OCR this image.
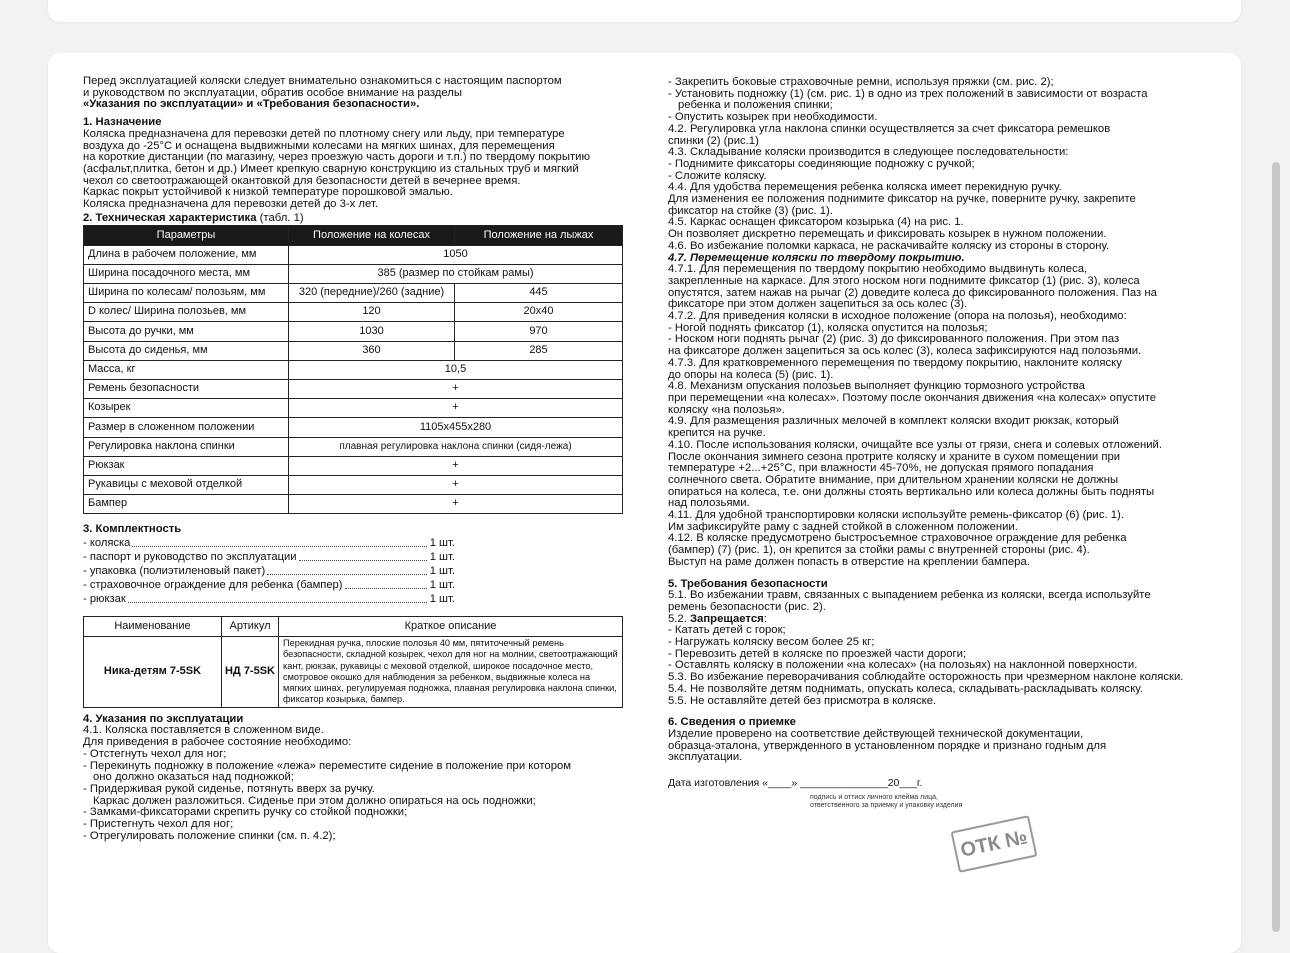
Перед эксплуатацией коляски следует внимательно ознакомиться с настоящим паспортом

и руководством по эксплуатации, обратив особое внимание на разделы

«Указания по эксплуатации» и «Требования безопасности».

1. Назначение

Коляска предназначена для перевозки детей по плотному снегу или льду, при температуре

воздуха до -25°С и оснащена выдвижными колесами на мягких шинах, для перемещения

на короткие дистанции (по магазину, через проезжую часть дороги и т.п.) по твердому покрытию

(асфальт,плитка, бетон и др.) Имеет крепкую сварную конструкцию из стальных труб и мягкий

чехол со светоотражающей окантовкой для безопасности детей в вечернее время.

Каркас покрыт устойчивой к низкой температуре порошковой эмалью.

Коляска предназначена для перевозки детей до 3-х лет.

2. Техническая характеристика (табл. 1)

Параметры	Положение на колесах	Положение на лыжах
Длина в рабочем положение, мм	1050	
Ширина посадочного места, мм	385 (размер по стойкам рамы)	
Ширина по колесам/ полозьям, мм	320 (передние)/260 (задние)	445
D колес/ Ширина полозьев, мм	120	20х40
Высота до ручки, мм	1030	970
Высота до сиденья, мм	360	285
Масса, кг	10,5	
Ремень безопасности	+	
Козырек	+	
Размер в сложенном положении	1105х455х280	
Регулировка наклона спинки	плавная регулировка наклона спинки (сидя-лежа)	
Рюкзак	+	
Рукавицы с меховой отделкой	+	
Бампер	+	

3. Комплектность

- коляска	1 шт.
- паспорт и руководство по эксплуатации	1 шт.
- упаковка (полиэтиленовый пакет)	1 шт.
- страховочное ограждение для ребенка (бампер)	1 шт.
- рюкзак	1 шт.
Наименование	Артикул	Краткое описание
Ника-детям 7-5SK	НД 7-5SK	Перекидная ручка, плоские полозья 40 мм, пятиточечный ремень безопасности, складной козырек, чехол для ног на молнии, светоотражающий кант, рюкзак, рукавицы с меховой отделкой, широкое посадочное место, смотровое окошко для наблюдения за ребенком, выдвижные колеса на мягких шинах, регулируемая подножка, плавная регулировка наклона спинки, фиксатор козырька, бампер.

4. Указания по эксплуатации

4.1. Коляска поставляется в сложенном виде.

Для приведения в рабочее состояние необходимо:

- Отстегнуть чехол для ног;

- Перекинуть подножку в положение «лежа» переместите сидение в положение при котором

оно должно оказаться над подножкой;

- Придерживая рукой сиденье, потянуть вверх за ручку.

Каркас должен разложиться. Сиденье при этом должно опираться на ось подножки;

- Замками-фиксаторами скрепить ручку со стойкой подножки;

- Пристегнуть чехол для ног;

- Отрегулировать положение спинки (см. п. 4.2);

- Закрепить боковые страховочные ремни, используя пряжки (см. рис. 2);

- Установить подножку (1) (см. рис. 1) в одно из трех положений в зависимости от возраста

ребенка и положения спинки;

- Опустить козырек при необходимости.

4.2. Регулировка угла наклона спинки осуществляется за счет фиксатора ремешков

спинки (2) (рис.1)

4.3. Складывание коляски производится в следующее последовательности:

- Поднимите фиксаторы соединяющие подножку с ручкой;

- Сложите коляску.

4.4. Для удобства перемещения ребенка коляска имеет перекидную ручку.

Для изменения ее положения поднимите фиксатор на ручке, поверните ручку, закрепите

фиксатор на стойке (3) (рис. 1).

4.5. Каркас оснащен фиксатором козырька (4) на рис. 1.

Он позволяет дискретно перемещать и фиксировать козырек в нужном положении.

4.6. Во избежание поломки каркаса, не раскачивайте коляску из стороны в сторону.

4.7. Перемещение коляски по твердому покрытию.

4.7.1. Для перемещения по твердому покрытию необходимо выдвинуть колеса,

закрепленные на каркасе. Для этого носком ноги поднимите фиксатор (1) (рис. 3), колеса

опустятся, затем нажав на рычаг (2) доведите колеса до фиксированного положения. Паз на

фиксаторе при этом должен зацепиться за ось колес (3).

4.7.2. Для приведения коляски в исходное положение (опора на полозья), необходимо:

- Ногой поднять фиксатор (1), коляска опустится на полозья;

- Носком ноги поднять рычаг (2) (рис. 3) до фиксированного положения. При этом паз

на фиксаторе должен зацепиться за ось колес (3), колеса зафиксируются над полозьями.

4.7.3. Для кратковременного перемещения по твердому покрытию, наклоните коляску

до опоры на колеса (5) (рис. 1).

4.8. Механизм опускания полозьев выполняет функцию тормозного устройства

при перемещении «на колесах». Поэтому после окончания движения «на колесах» опустите

коляску «на полозья».

4.9. Для размещения различных мелочей в комплект коляски входит рюкзак, который

крепится на ручке.

4.10. После использования коляски, очищайте все узлы от грязи, снега и солевых отложений.

После окончания зимнего сезона протрите коляску и храните в сухом помещении при

температуре +2...+25°С, при влажности 45-70%, не допуская прямого попадания

солнечного света. Обратите внимание, при длительном хранении коляски не должны

опираться на колеса, т.е. они должны стоять вертикально или колеса должны быть подняты

над полозьями.

4.11. Для удобной транспортировки коляски используйте ремень-фиксатор (6) (рис. 1).

Им зафиксируйте раму с задней стойкой в сложенном положении.

4.12. В коляске предусмотрено быстросъемное страховочное ограждение для ребенка

(бампер) (7) (рис. 1), он крепится за стойки рамы с внутренней стороны (рис. 4).

Выступ на раме должен попасть в отверстие на креплении бампера.

5. Требования безопасности

5.1. Во избежании травм, связанных с выпадением ребенка из коляски, всегда используйте

ремень безопасности (рис. 2).

5.2. Запрещается:

- Катать детей с горок;

- Нагружать коляску весом более 25 кг;

- Перевозить детей в коляске по проезжей части дороги;

- Оставлять коляску в положении «на колесах» (на полозьях) на наклонной поверхности.

5.3. Во избежание переворачивания соблюдайте осторожность при чрезмерном наклоне коляски.

5.4. Не позволяйте детям поднимать, опускать колеса, складывать-раскладывать коляску.

5.5. Не оставляйте детей без присмотра в коляске.

6. Сведения о приемке

Изделие проверено на соответствие действующей технической документации,

образца-эталона, утвержденного в установленном порядке и признано годным для

эксплуатации.

Дата изготовления «____» _______________20___г.
подпись и оттиск личного клейма лица,
ответственного за приемку и упаковку изделия
ОТК №
